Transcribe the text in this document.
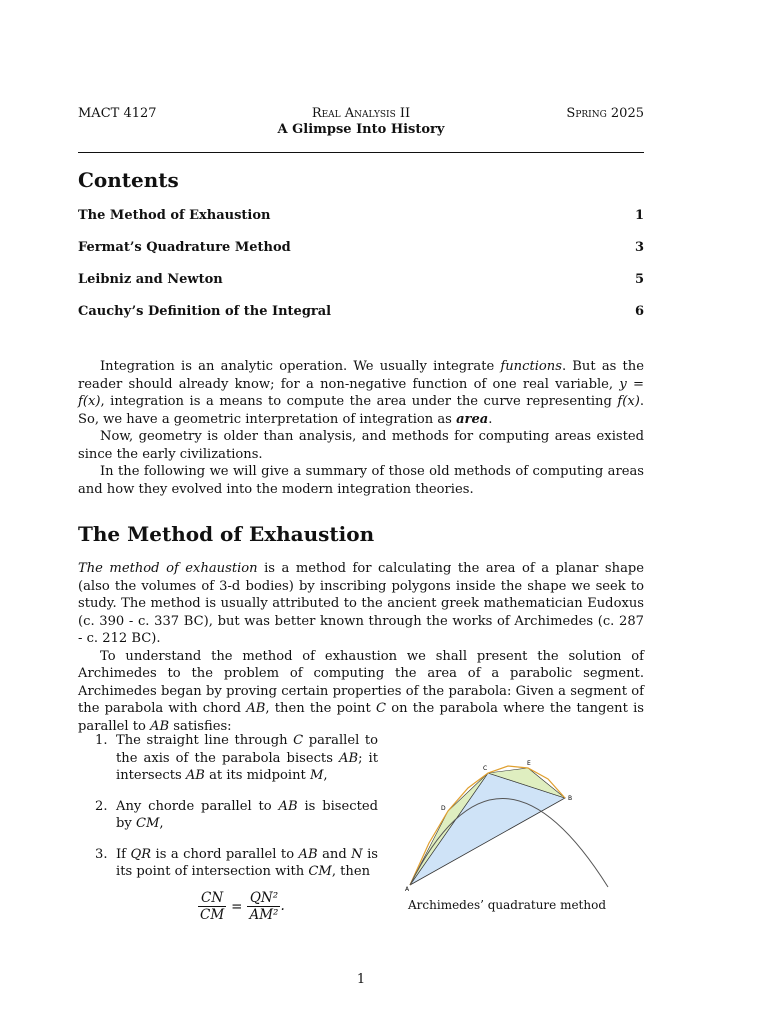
MACT 4127	Real Analysis II
A Glimpse Into History
Spring 2025
Contents
The Method of Exhaustion	1
Fermat’s Quadrature Method	3
Leibniz and Newton	5
Cauchy’s Definition of the Integral	6

Integration is an analytic operation. We usually integrate functions. But as the reader should already know; for a non-negative function of one real variable, y = f(x), integration is a means to compute the area under the curve representing f(x). So, we have a geometric interpretation of integration as area.

Now, geometry is older than analysis, and methods for computing areas existed since the early civilizations.

In the following we will give a summary of those old methods of computing areas and how they evolved into the modern integration theories.

The Method of Exhaustion

The method of exhaustion is a method for calculating the area of a planar shape (also the volumes of 3-d bodies) by inscribing polygons inside the shape we seek to study. The method is usually attributed to the ancient greek mathematician Eudoxus (c. 390 - c. 337 BC), but was better known through the works of Archimedes (c. 287 - c. 212 BC).

To understand the method of exhaustion we shall present the solution of Archimedes to the problem of computing the area of a parabolic segment. Archimedes began by proving certain properties of the parabola: Given a segment of the parabola with chord AB, then the point C on the parabola where the tangent is parallel to AB satisfies:

1. The straight line through C parallel to the axis of the parabola bisects AB; it intersects AB at its midpoint M,
2. Any chorde parallel to AB is bisected by CM,
3. If QR is a chord parallel to AB and N is its point of intersection with CM, then
$\frac{CN}{CM} = \frac{\text{QN²}}{\text{AM²}}$ .
A
B
C
D
E
Archimedes’ quadrature method
1
